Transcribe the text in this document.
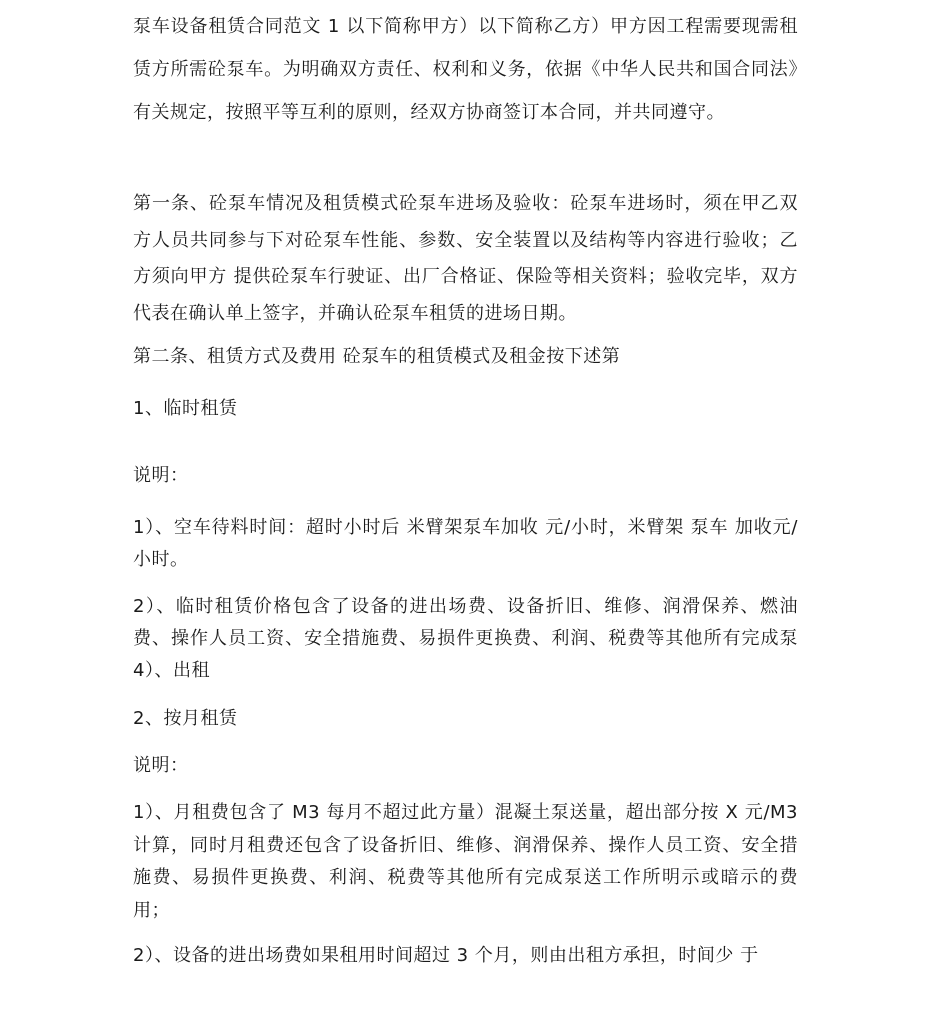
泵车设备租赁合同范文 1 以下简称甲方）以下简称乙方）甲方因工程需要现需租赁方所需砼泵车。为明确双方责任、权利和义务，依据《中华人民共和国合同法》有关规定，按照平等互利的原则，经双方协商签订本合同，并共同遵守。

第一条、砼泵车情况及租赁模式砼泵车进场及验收：砼泵车进场时，须在甲乙双方人员共同参与下对砼泵车性能、参数、安全装置以及结构等内容进行验收；乙方须向甲方 提供砼泵车行驶证、出厂合格证、保险等相关资料；验收完毕，双方代表在确认单上签字，并确认砼泵车租赁的进场日期。

第二条、租赁方式及费用 砼泵车的租赁模式及租金按下述第

1、临时租赁

说明：

1）、空车待料时间：超时小时后 米臂架泵车加收 元/小时，米臂架 泵车 加收元/小时。

2）、临时租赁价格包含了设备的进出场费、设备折旧、维修、润滑保养、燃油费、操作人员工资、安全措施费、易损件更换费、利润、税费等其他所有完成泵 4）、出租

2、按月租赁

说明：

1）、月租费包含了 M3 每月不超过此方量）混凝土泵送量，超出部分按 X 元/M3 计算，同时月租费还包含了设备折旧、维修、润滑保养、操作人员工资、安全措施费、易损件更换费、利润、税费等其他所有完成泵送工作所明示或暗示的费用；

2）、设备的进出场费如果租用时间超过 3 个月，则由出租方承担，时间少 于
